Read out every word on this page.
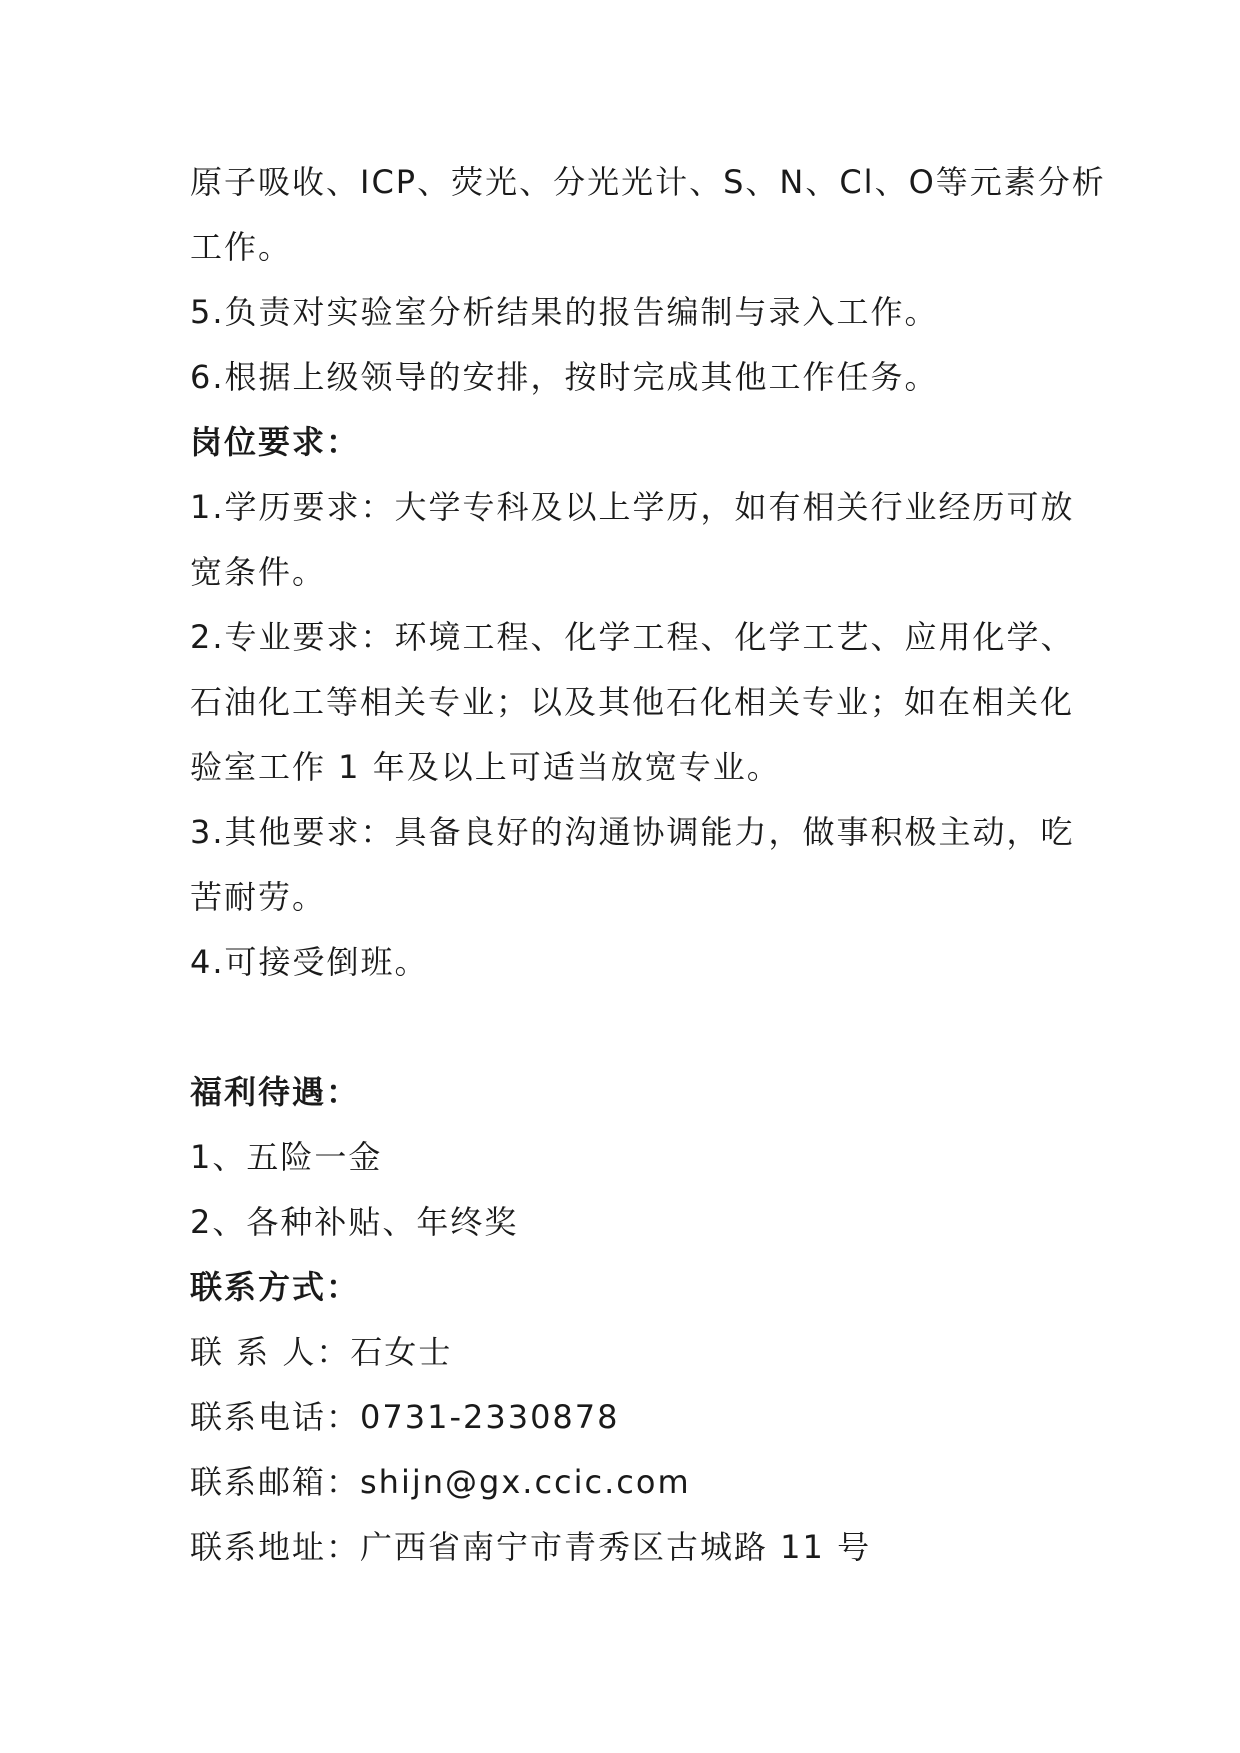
原子吸收、ICP、荧光、分光光计、S、N、Cl、O等元素分析
工作。
5.负责对实验室分析结果的报告编制与录入工作。
6.根据上级领导的安排，按时完成其他工作任务。
岗位要求：
1.学历要求：大学专科及以上学历，如有相关行业经历可放
宽条件。
2.专业要求：环境工程、化学工程、化学工艺、应用化学、
石油化工等相关专业；以及其他石化相关专业；如在相关化
验室工作 1 年及以上可适当放宽专业。
3.其他要求：具备良好的沟通协调能力，做事积极主动，吃
苦耐劳。
4.可接受倒班。
福利待遇：
1、五险一金
2、各种补贴、年终奖
联系方式：
联 系 人：石女士
联系电话：0731-2330878
联系邮箱：shijn@gx.ccic.com
联系地址：广西省南宁市青秀区古城路 11 号
